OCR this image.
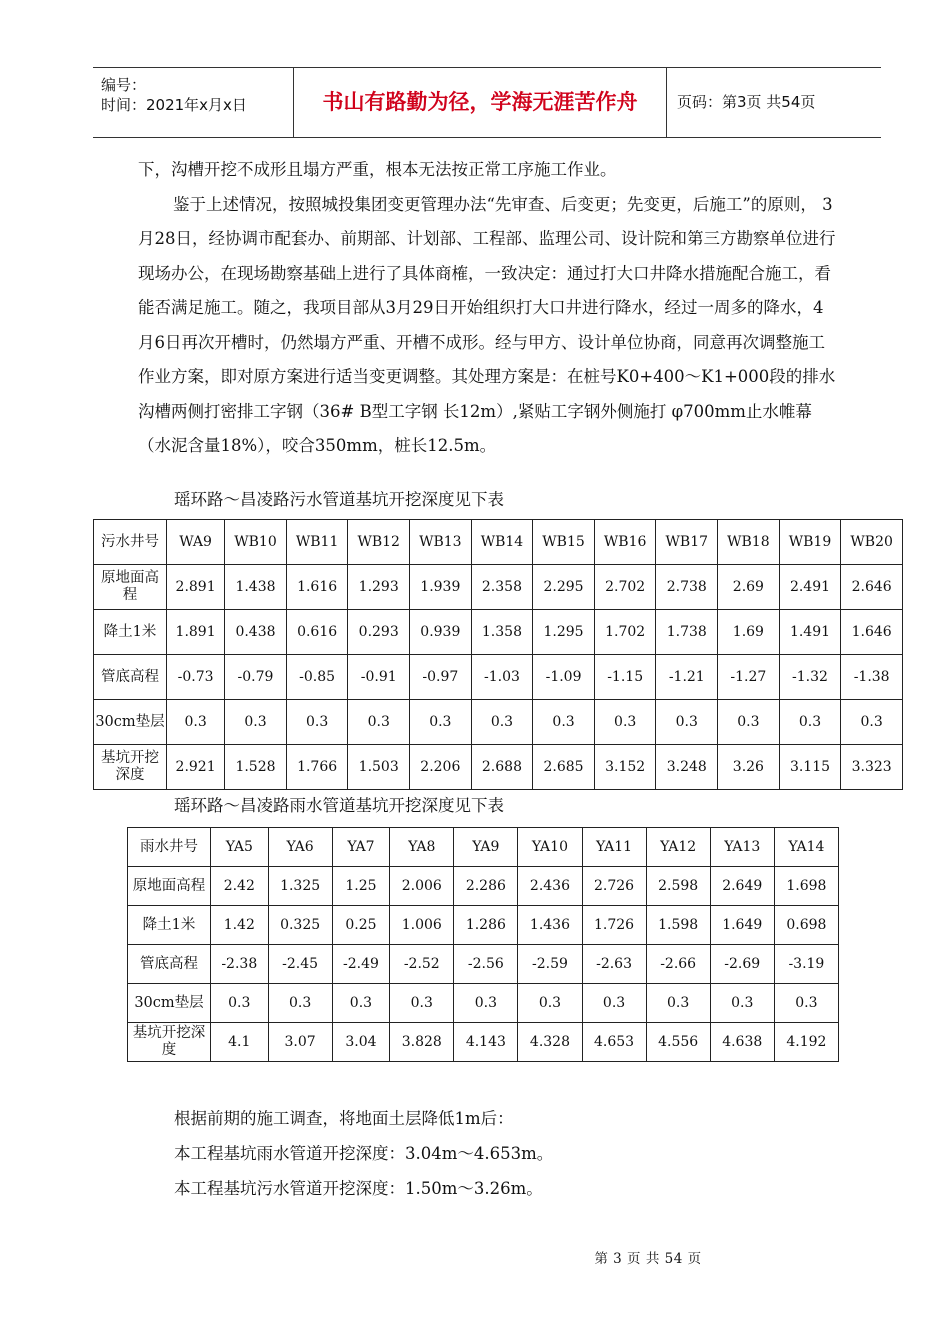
编号：
时间：2021年x月x日	书山有路勤为径，学海无涯苦作舟	页码：第3页 共54页

下，沟槽开挖不成形且塌方严重，根本无法按正常工序施工作业。

鉴于上述情况，按照城投集团变更管理办法“先审查、后变更；先变更，后施工”的原则， 3月28日，经协调市配套办、前期部、计划部、工程部、监理公司、设计院和第三方勘察单位进行现场办公，在现场勘察基础上进行了具体商榷，一致决定：通过打大口井降水措施配合施工，看能否满足施工。随之，我项目部从3月29日开始组织打大口井进行降水，经过一周多的降水，4月6日再次开槽时，仍然塌方严重、开槽不成形。经与甲方、设计单位协商，同意再次调整施工作业方案，即对原方案进行适当变更调整。其处理方案是：在桩号K0+400～K1+000段的排水沟槽两侧打密排工字钢（36# B型工字钢 长12m）,紧贴工字钢外侧施打 φ700mm止水帷幕（水泥含量18%），咬合350mm，桩长12.5m。

瑶环路～昌凌路污水管道基坑开挖深度见下表
污水井号	WA9	WB10	WB11	WB12	WB13	WB14	WB15	WB16	WB17	WB18	WB19	WB20
原地面高程	2.891	1.438	1.616	1.293	1.939	2.358	2.295	2.702	2.738	2.69	2.491	2.646
降土1米	1.891	0.438	0.616	0.293	0.939	1.358	1.295	1.702	1.738	1.69	1.491	1.646
管底高程	-0.73	-0.79	-0.85	-0.91	-0.97	-1.03	-1.09	-1.15	-1.21	-1.27	-1.32	-1.38
30cm垫层	0.3	0.3	0.3	0.3	0.3	0.3	0.3	0.3	0.3	0.3	0.3	0.3
基坑开挖深度	2.921	1.528	1.766	1.503	2.206	2.688	2.685	3.152	3.248	3.26	3.115	3.323
瑶环路～昌凌路雨水管道基坑开挖深度见下表
雨水井号	YA5	YA6	YA7	YA8	YA9	YA10	YA11	YA12	YA13	YA14
原地面高程	2.42	1.325	1.25	2.006	2.286	2.436	2.726	2.598	2.649	1.698
降土1米	1.42	0.325	0.25	1.006	1.286	1.436	1.726	1.598	1.649	0.698
管底高程	-2.38	-2.45	-2.49	-2.52	-2.56	-2.59	-2.63	-2.66	-2.69	-3.19
30cm垫层	0.3	0.3	0.3	0.3	0.3	0.3	0.3	0.3	0.3	0.3
基坑开挖深度	4.1	3.07	3.04	3.828	4.143	4.328	4.653	4.556	4.638	4.192
根据前期的施工调查，将地面土层降低1m后：
本工程基坑雨水管道开挖深度：3.04m～4.653m。
本工程基坑污水管道开挖深度：1.50m～3.26m。
第 3 页 共 54 页
